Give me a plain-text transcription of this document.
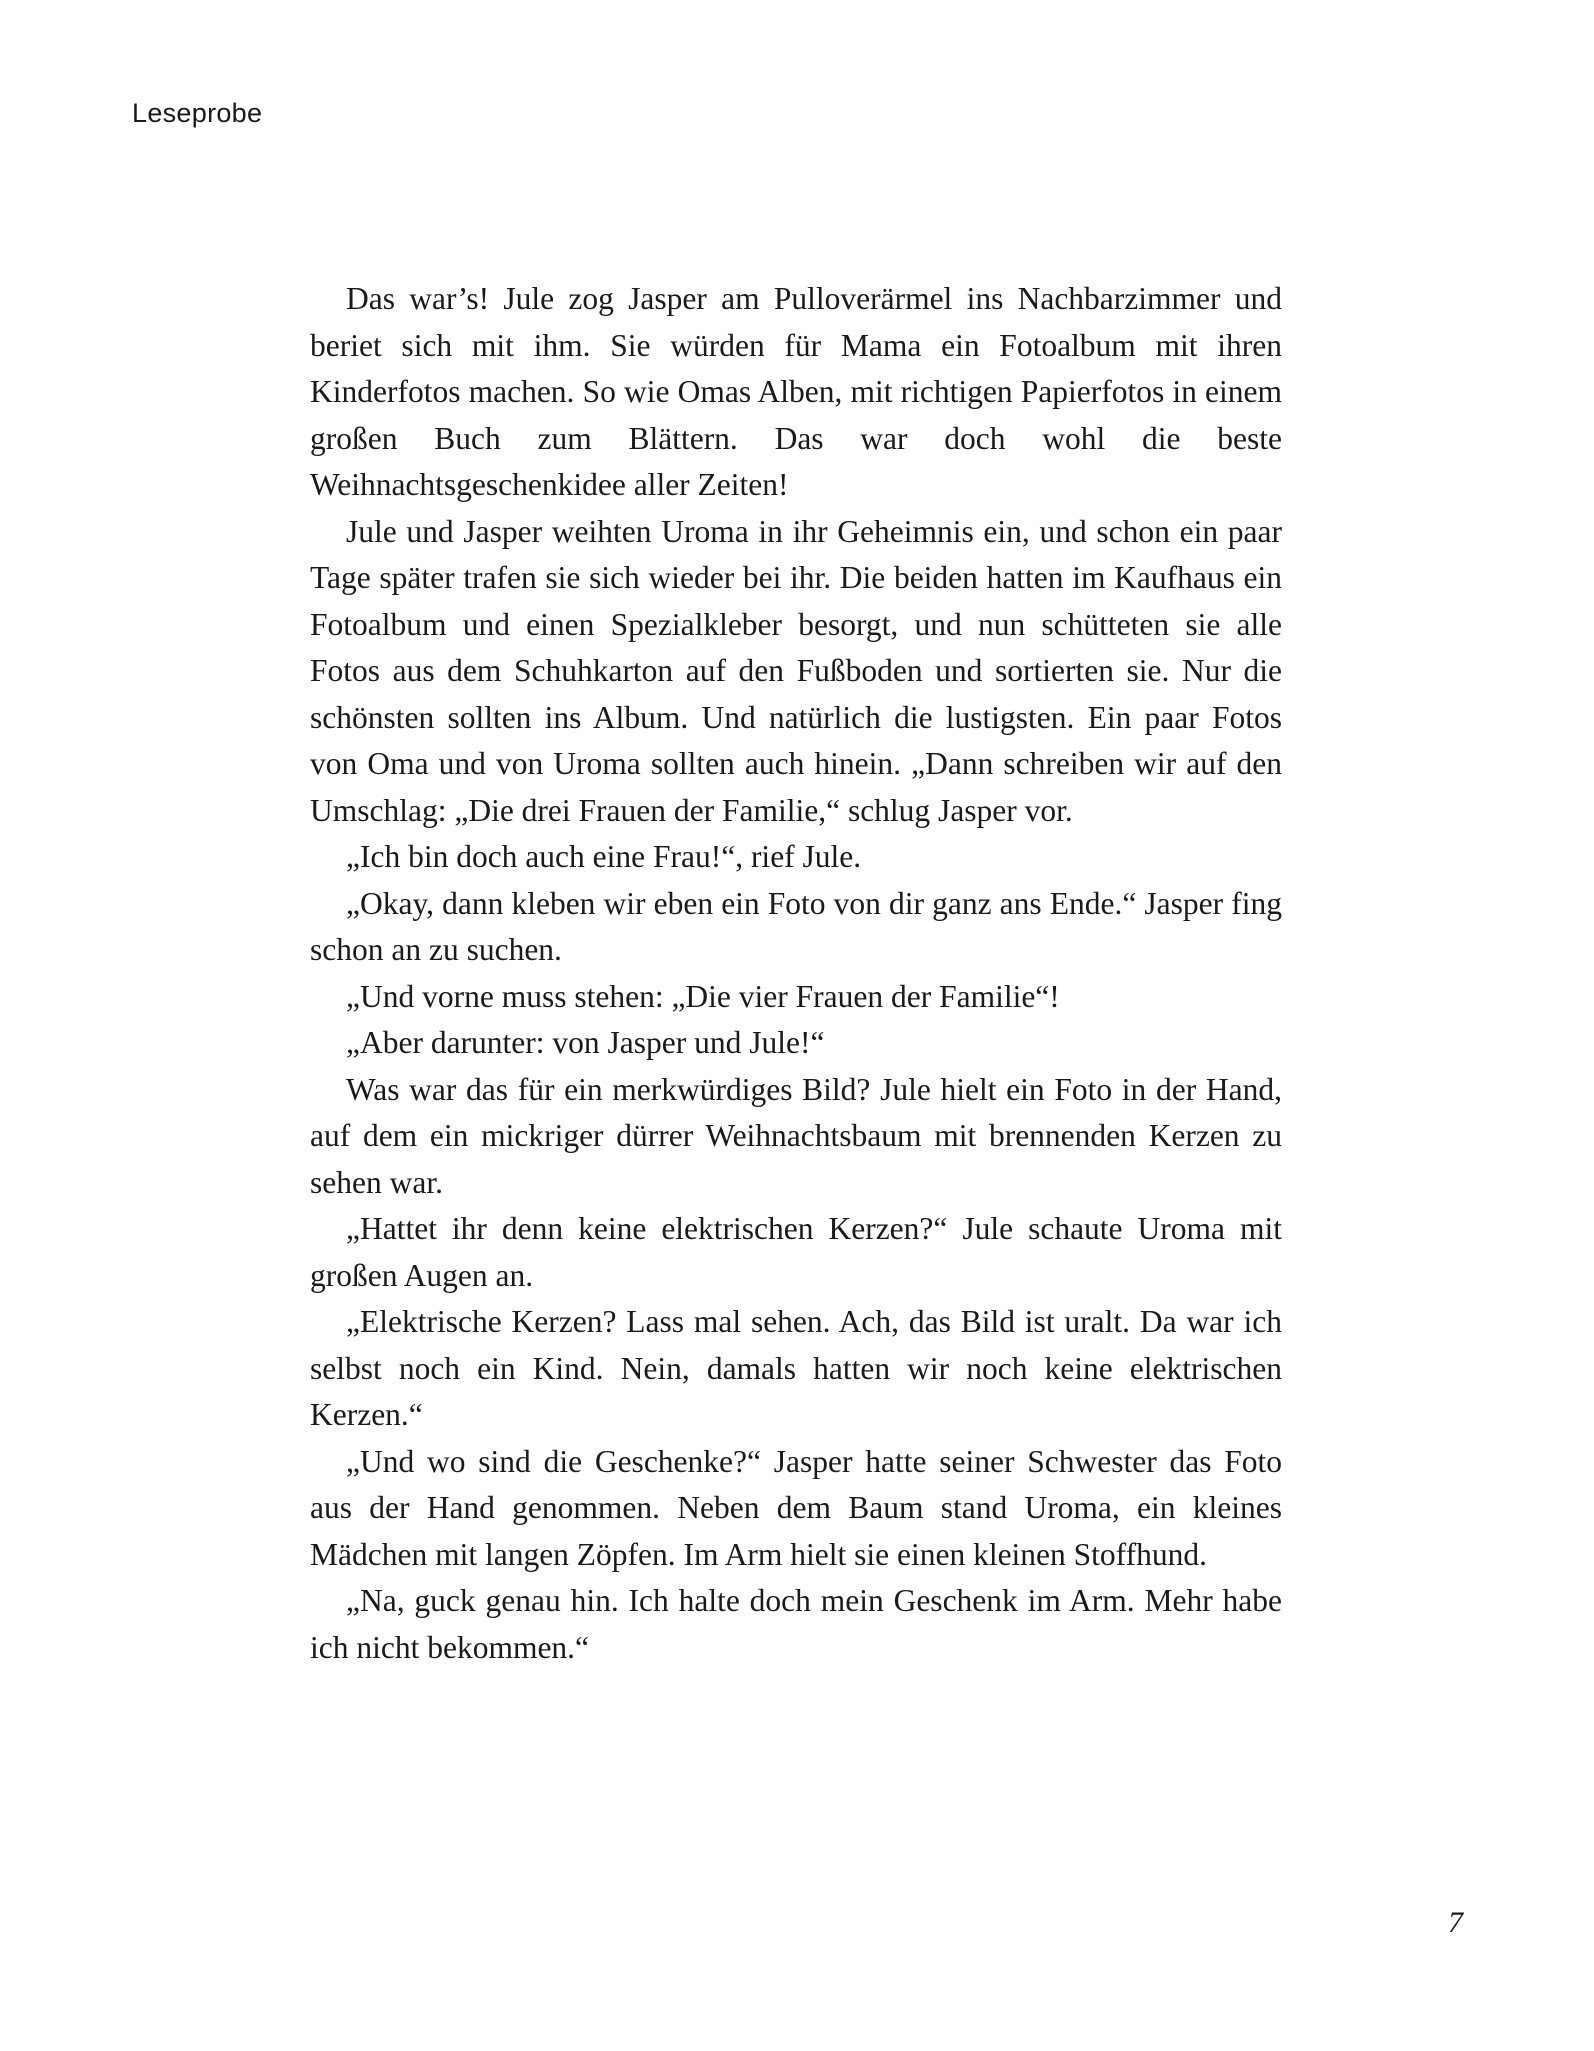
Leseprobe

Das war’s! Jule zog Jasper am Pulloverärmel ins Nachbarzimmer und beriet sich mit ihm. Sie würden für Mama ein Fotoalbum mit ihren Kinderfotos machen. So wie Omas Alben, mit richtigen Papierfotos in einem großen Buch zum Blättern. Das war doch wohl die beste Weihnachtsgeschenkidee aller Zeiten!

Jule und Jasper weihten Uroma in ihr Geheimnis ein, und schon ein paar Tage später trafen sie sich wieder bei ihr. Die beiden hatten im Kaufhaus ein Fotoalbum und einen Spezialkleber besorgt, und nun schütteten sie alle Fotos aus dem Schuhkarton auf den Fußboden und sortierten sie. Nur die schönsten sollten ins Album. Und natürlich die lustigsten. Ein paar Fotos von Oma und von Uroma sollten auch hinein. „Dann schreiben wir auf den Umschlag: „Die drei Frauen der Familie,“ schlug Jasper vor.

„Ich bin doch auch eine Frau!“, rief Jule.

„Okay, dann kleben wir eben ein Foto von dir ganz ans Ende.“ Jasper fing schon an zu suchen.

„Und vorne muss stehen: „Die vier Frauen der Familie“!

„Aber darunter: von Jasper und Jule!“

Was war das für ein merkwürdiges Bild? Jule hielt ein Foto in der Hand, auf dem ein mickriger dürrer Weihnachtsbaum mit brennenden Kerzen zu sehen war.

„Hattet ihr denn keine elektrischen Kerzen?“ Jule schaute Uroma mit großen Augen an.

„Elektrische Kerzen? Lass mal sehen. Ach, das Bild ist uralt. Da war ich selbst noch ein Kind. Nein, damals hatten wir noch keine elektrischen Kerzen.“

„Und wo sind die Geschenke?“ Jasper hatte seiner Schwester das Foto aus der Hand genommen. Neben dem Baum stand Uroma, ein kleines Mädchen mit langen Zöpfen. Im Arm hielt sie einen kleinen Stoffhund.

„Na, guck genau hin. Ich halte doch mein Geschenk im Arm. Mehr habe ich nicht bekommen.“

7
